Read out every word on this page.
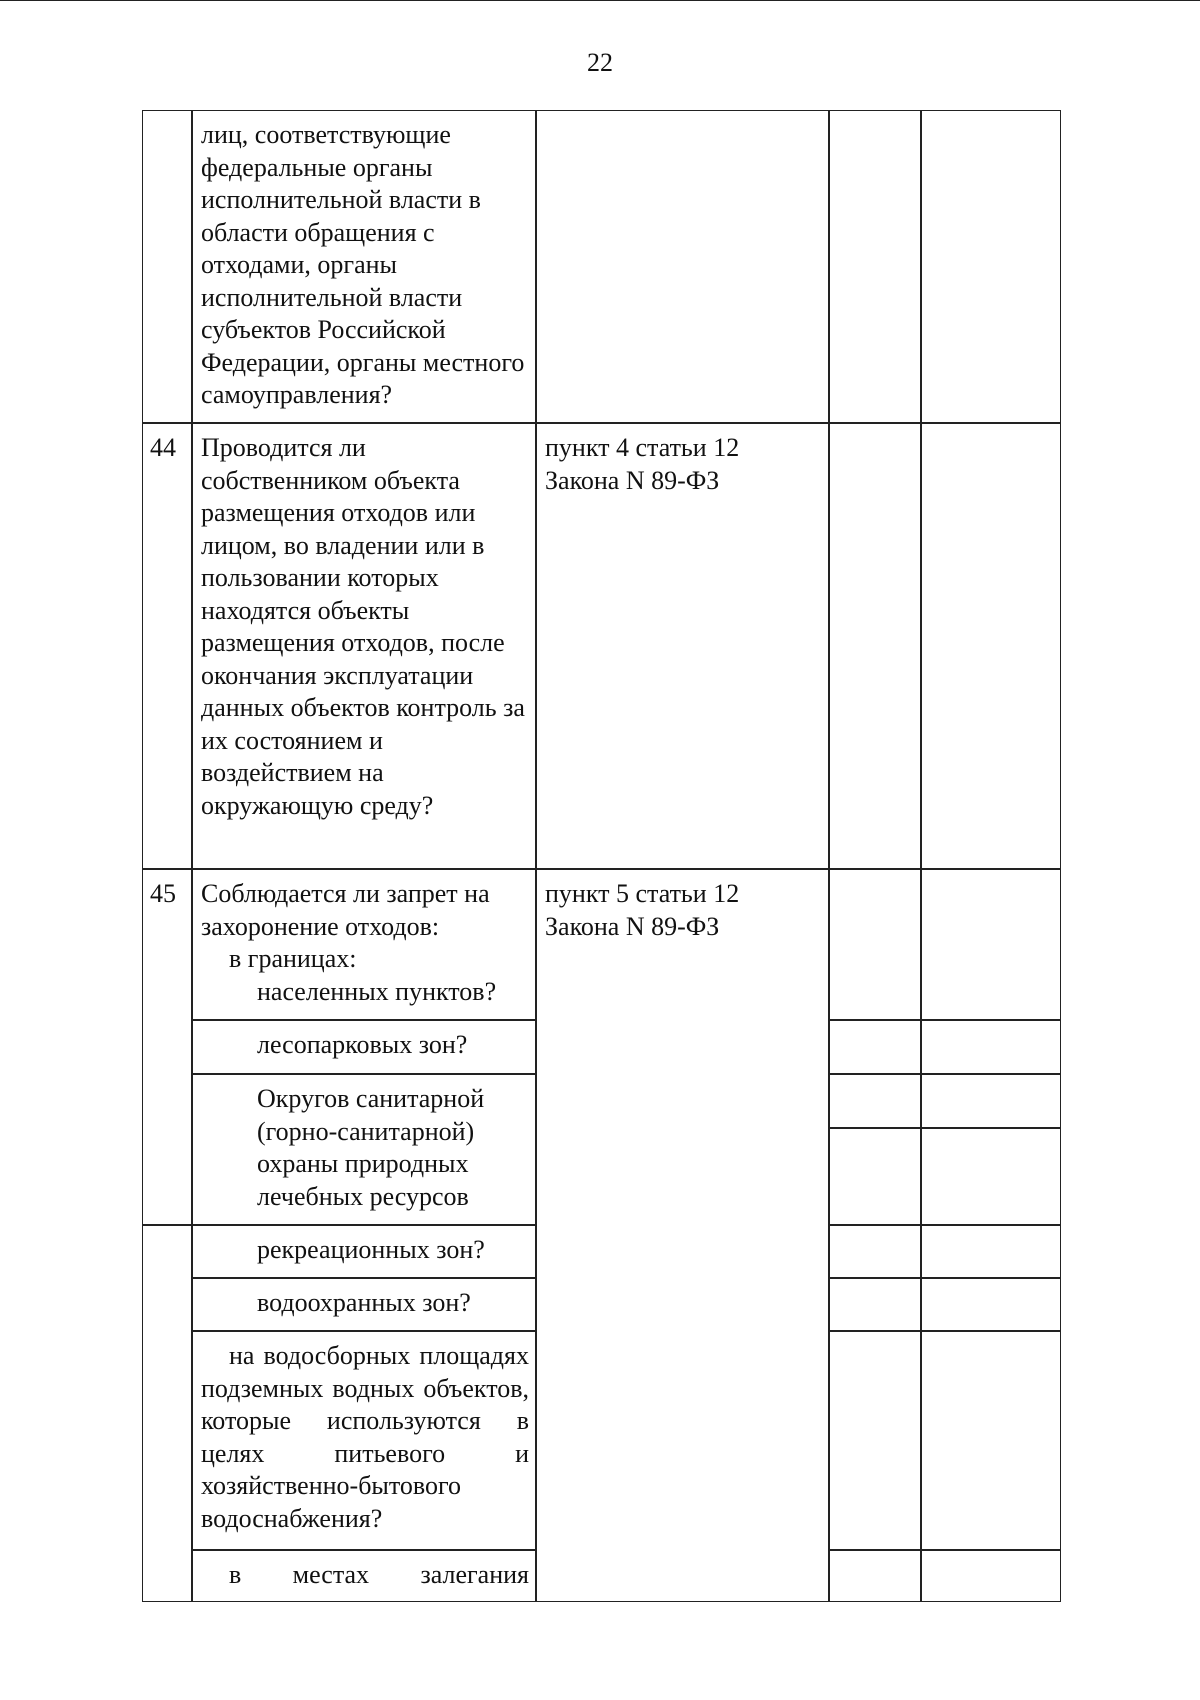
22
лиц, соответствующие федеральные органы исполнительной власти в области обращения с отходами, органы исполнительной власти субъектов Российской Федерации, органы местного самоуправления?
44 Проводится ли собственником объекта размещения отходов или лицом, во владении или в пользовании которых находятся объекты размещения отходов, после окончания эксплуатации данных объектов контроль за их состоянием и воздействием на окружающую среду?
пункт 4 статьи 12
Закона N 89-ФЗ
45	пункт 5 статьи 12
Закона N 89-ФЗ
Соблюдается ли запрет на захоронение отходов:
в границах:
населенных пунктов?
лесопарковых зон?
Округов санитарной (горно-санитарной) охраны природных лечебных ресурсов
рекреационных зон?
водоохранных зон?
на водосборных площадях подземных водных объектов, которые используются в целях питьевого и хозяйственно-бытового водоснабжения?
в местах залегания
